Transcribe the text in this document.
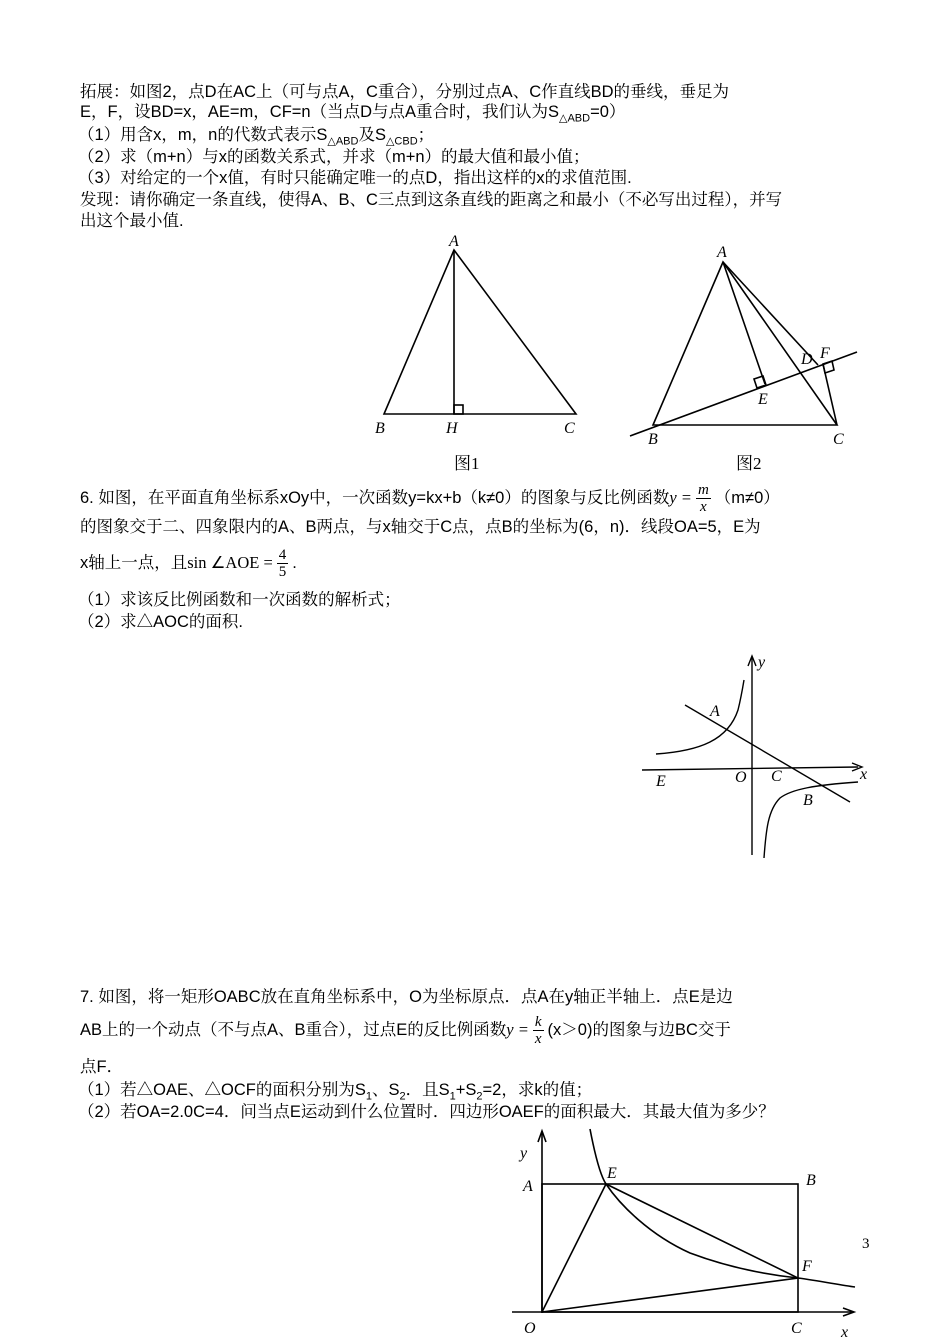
拓展：如图2，点D在AC上（可与点A，C重合），分别过点A、C作直线BD的垂线，垂足为
E，F，设BD=x，AE=m，CF=n（当点D与点A重合时，我们认为$S_{\triangle ABD}=0$）
（1）用含x，m，n的代数式表示$S_{\triangle ABD}$及$S_{\triangle CBD}$；
（2）求（m+n）与x的函数关系式，并求（m+n）的最大值和最小值；
（3）对给定的一个x值，有时只能确定唯一的点D，指出这样的x的求值范围.
发现：请你确定一条直线，使得A、B、C三点到这条直线的距离之和最小（不必写出过程），并写
出这个最小值.
A
B	H	C
图1
A
B	C
D F
E
图2
6. 如图，在平面直角坐标系xOy中，一次函数y=kx+b（k≠0）的图象与反比例函数$y = \frac{m}{x} (m\ne 0)$
的图象交于二、四象限内的A、B两点，与x轴交于C点，点B的坐标为(6，n)．线段OA=5，E为
x轴上一点，且sin ∠AOE = $\frac{4}{5}$ .
（1）求该反比例函数和一次函数的解析式；
（2）求△AOC的面积.
y
x
A
O C
E
B
7. 如图，将一矩形OABC放在直角坐标系中，O为坐标原点．点A在y轴正半轴上．点E是边
AB上的一个动点（不与点A、B重合），过点E的反比例函数$y = \frac{k}{x} (x>0)$的图象与边BC交于
点F．
（1）若△OAE、△OCF的面积分别为$S_1$、$S_2$．且$S_1+S_2=2$，求k的值；
（2）若OA=2.0C=4．问当点E运动到什么位置时．四边形OAEF的面积最大．其最大值为多少？
y
A
E	B
F
O	C x
3
